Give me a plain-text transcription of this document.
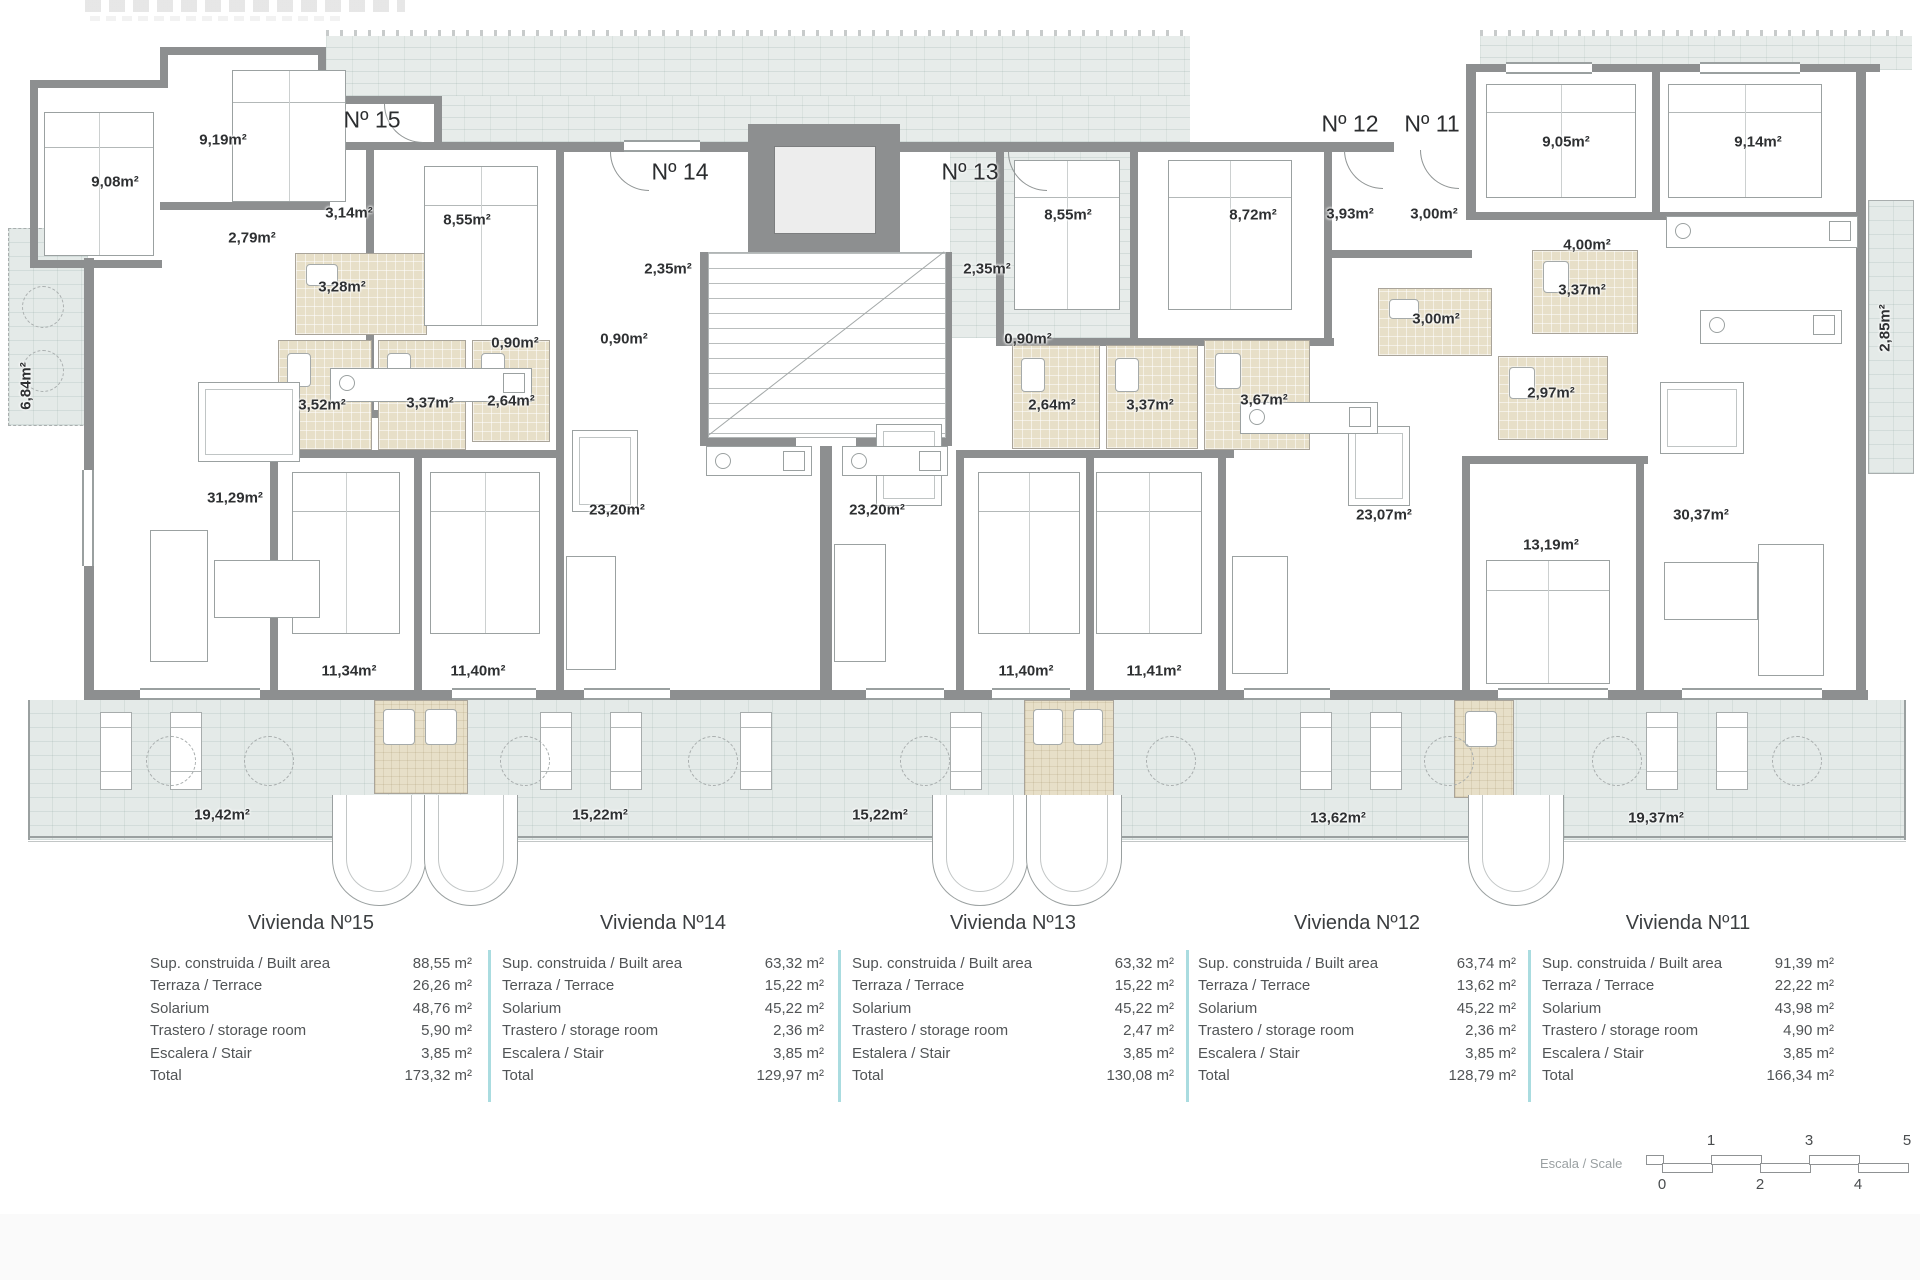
6,84m²
9,08m²
9,19m²
2,79m²
3,14m²	8,55m²
3,28m²
3,52m²	3,37m² 2,64m²
0,90m²
2,35m²
0,90m²
31,29m²
11,34m²	11,40m²
23,20m²
2,35m²
0,90m²
23,20m²
8,55m²	8,72m²
2,64m²	3,37m²	3,67m²
11,40m²	11,41m²
3,93m² 3,00m²
3,00m²
23,07m²
13,19m²
30,37m²
2,97m²
3,37m²
4,00m²
9,05m²	9,14m²
2,85m²
19,42m²	15,22m²	15,22m²	13,62m²	19,37m²
Nº 15
Nº 14	Nº 13
Nº 12 Nº 11
Vivienda Nº15
Sup. construida / Built area	88,55 m²
Terraza / Terrace	26,26 m²
Solarium	48,76 m²
Trastero / storage room	5,90 m²
Escalera / Stair	3,85 m²
Total	173,32 m²
Vivienda Nº14
Sup. construida / Built area	63,32 m²
Terraza / Terrace	15,22 m²
Solarium	45,22 m²
Trastero / storage room	2,36 m²
Escalera / Stair	3,85 m²
Total	129,97 m²
Vivienda Nº13
Sup. construida / Built area	63,32 m²
Terraza / Terrace	15,22 m²
Solarium	45,22 m²
Trastero / storage room	2,47 m²
Estalera / Stair	3,85 m²
Total	130,08 m²
Vivienda Nº12
Sup. construida / Built area	63,74 m²
Terraza / Terrace	13,62 m²
Solarium	45,22 m²
Trastero / storage room	2,36 m²
Escalera / Stair	3,85 m²
Total	128,79 m²
Vivienda Nº11
Sup. construida / Built area	91,39 m²
Terraza / Terrace	22,22 m²
Solarium	43,98 m²
Trastero / storage room	4,90 m²
Escalera / Stair	3,85 m²
Total	166,34 m²
Escala / Scale
1	3	5
0	2	4
